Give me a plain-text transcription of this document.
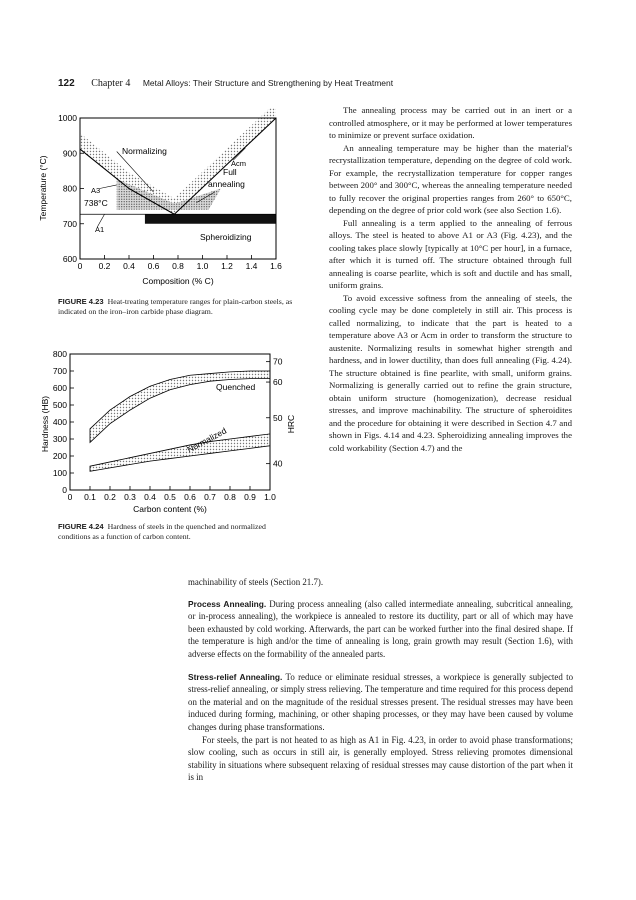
122 Chapter 4 Metal Alloys: Their Structure and Strengthening by Heat Treatment
600
700
800
900
1000
0 0.2 0.4 0.6 0.8 1.0 1.2 1.4 1.6
Temperature (°C)
Composition (% C)
Normalizing
Acm
Full
annealing
A3
738°C
A1
Spheroidizing
FIGURE 4.23 Heat-treating temperature ranges for plain-carbon steels, as indicated on the iron–iron carbide phase diagram.
0
100
200
300
400
500
600
700
800
40
50
60
70
0 0.1 0.2 0.3 0.4 0.5 0.6 0.7 0.8 0.9 1.0
Hardness (HB)	HRC
Carbon content (%)
Quenched
Normalized
FIGURE 4.24 Hardness of steels in the quenched and normalized conditions as a function of carbon content.

The annealing process may be carried out in an inert or a controlled atmosphere, or it may be performed at lower temperatures to minimize or prevent surface oxidation.

An annealing temperature may be higher than the material's recrystallization temperature, depending on the degree of cold work. For example, the recrystallization temperature for copper ranges between 200° and 300°C, whereas the annealing temperature needed to fully recover the original properties ranges from 260° to 650°C, depending on the degree of prior cold work (see also Section 1.6).

Full annealing is a term applied to the annealing of ferrous alloys. The steel is heated to above A1 or A3 (Fig. 4.23), and the cooling takes place slowly [typically at 10°C per hour], in a furnace, after which it is turned off. The structure obtained through full annealing is coarse pearlite, which is soft and ductile and has small, uniform grains.

To avoid excessive softness from the annealing of steels, the cooling cycle may be done completely in still air. This process is called normalizing, to indicate that the part is heated to a temperature above A3 or Acm in order to transform the structure to austenite. Normalizing results in somewhat higher strength and hardness, and in lower ductility, than does full annealing (Fig. 4.24). The structure obtained is fine pearlite, with small, uniform grains. Normalizing is generally carried out to refine the grain structure, obtain uniform structure (homogenization), decrease residual stresses, and improve machinability. The structure of spheroidites and the procedure for obtaining it were described in Section 4.7 and shown in Figs. 4.14 and 4.23. Spheroidizing annealing improves the cold workability (Section 4.7) and the

machinability of steels (Section 21.7).

Process Annealing. During process annealing (also called intermediate annealing, subcritical annealing, or in-process annealing), the workpiece is annealed to restore its ductility, part or all of which may have been exhausted by cold working. Afterwards, the part can be worked further into the final desired shape. If the temperature is high and/or the time of annealing is long, grain growth may result (Section 1.6), with adverse effects on the formability of the annealed parts.

Stress-relief Annealing. To reduce or eliminate residual stresses, a workpiece is generally subjected to stress-relief annealing, or simply stress relieving. The temperature and time required for this process depend on the material and on the magnitude of the residual stresses present. The residual stresses may have been induced during forming, machining, or other shaping processes, or they may have been caused by volume changes during phase transformations.

For steels, the part is not heated to as high as A1 in Fig. 4.23, in order to avoid phase transformations; slow cooling, such as occurs in still air, is generally employed. Stress relieving promotes dimensional stability in situations where subsequent relaxing of residual stresses may cause distortion of the part when it is in
